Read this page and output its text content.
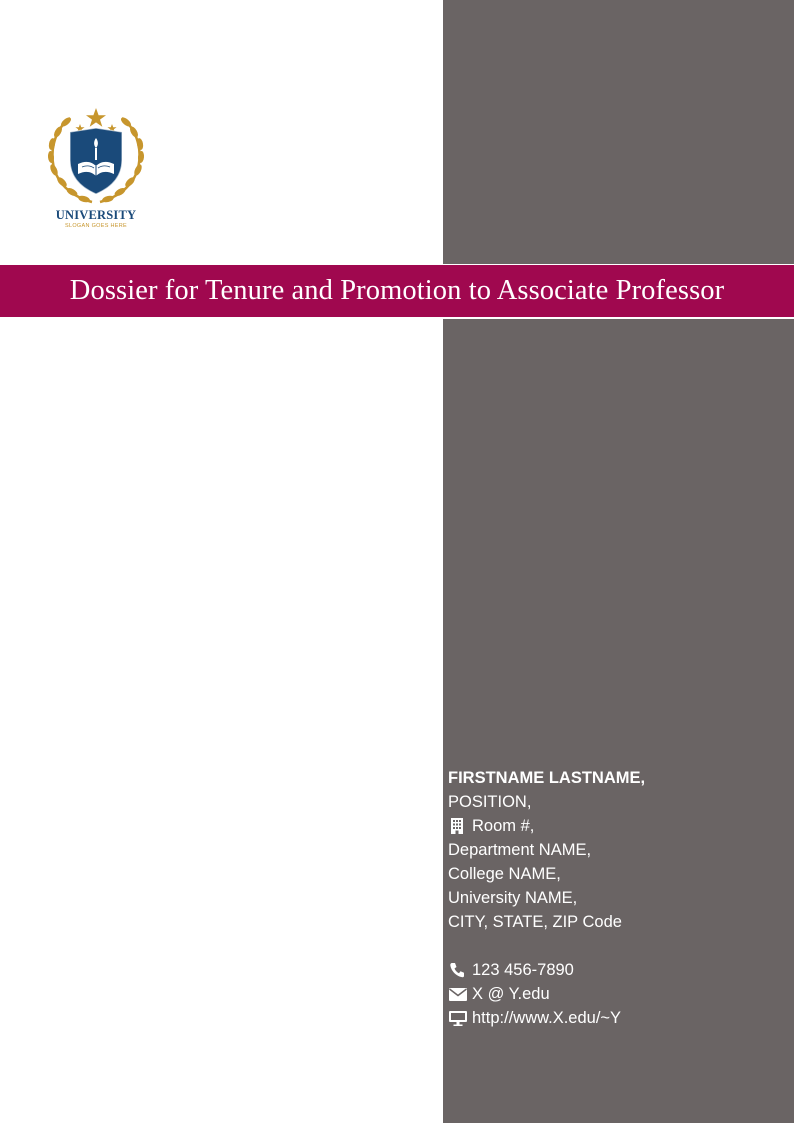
UNIVERSITY

SLOGAN GOES HERE

Dossier for Tenure and Promotion to Associate Professor
FIRSTNAME LASTNAME,
POSITION,
Room #,
Department NAME,
College NAME,
University NAME,
CITY, STATE, ZIP Code
123 456-7890
X @ Y.edu
http://www.X.edu/~Y
